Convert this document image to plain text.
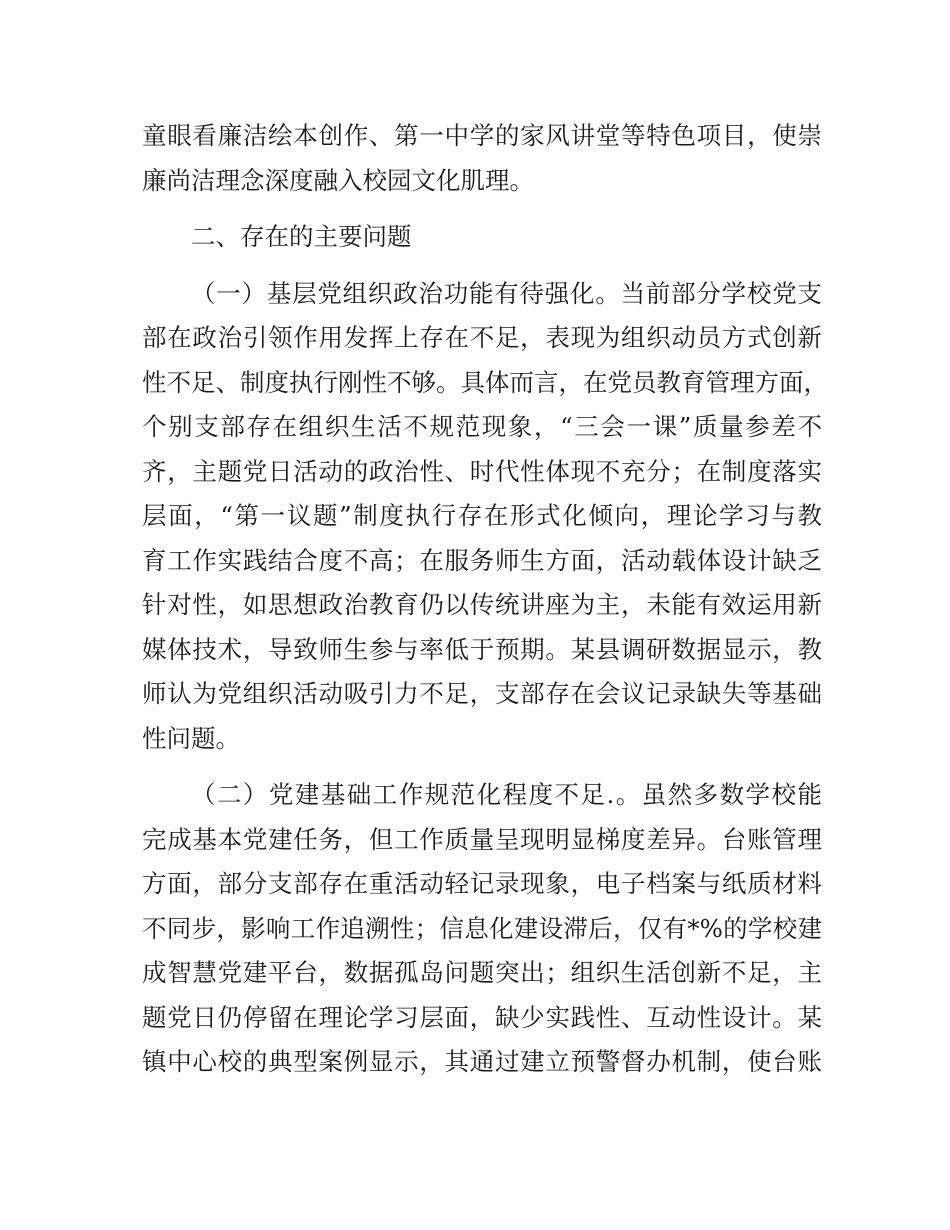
童眼看廉洁绘本创作、第一中学的家风讲堂等特色项目，使崇
廉尚洁理念深度融入校园文化肌理。
二、存在的主要问题
（一）基层党组织政治功能有待强化。当前部分学校党支
部在政治引领作用发挥上存在不足，表现为组织动员方式创新
性不足、制度执行刚性不够。具体而言，在党员教育管理方面，
个别支部存在组织生活不规范现象，“三会一课”质量参差不
齐，主题党日活动的政治性、时代性体现不充分；在制度落实
层面，“第一议题”制度执行存在形式化倾向，理论学习与教
育工作实践结合度不高；在服务师生方面，活动载体设计缺乏
针对性，如思想政治教育仍以传统讲座为主，未能有效运用新
媒体技术，导致师生参与率低于预期。某县调研数据显示，教
师认为党组织活动吸引力不足，支部存在会议记录缺失等基础
性问题。
（二）党建基础工作规范化程度不足.。虽然多数学校能
完成基本党建任务，但工作质量呈现明显梯度差异。台账管理
方面，部分支部存在重活动轻记录现象，电子档案与纸质材料
不同步，影响工作追溯性；信息化建设滞后，仅有*%的学校建
成智慧党建平台，数据孤岛问题突出；组织生活创新不足，主
题党日仍停留在理论学习层面，缺少实践性、互动性设计。某
镇中心校的典型案例显示，其通过建立预警督办机制，使台账
